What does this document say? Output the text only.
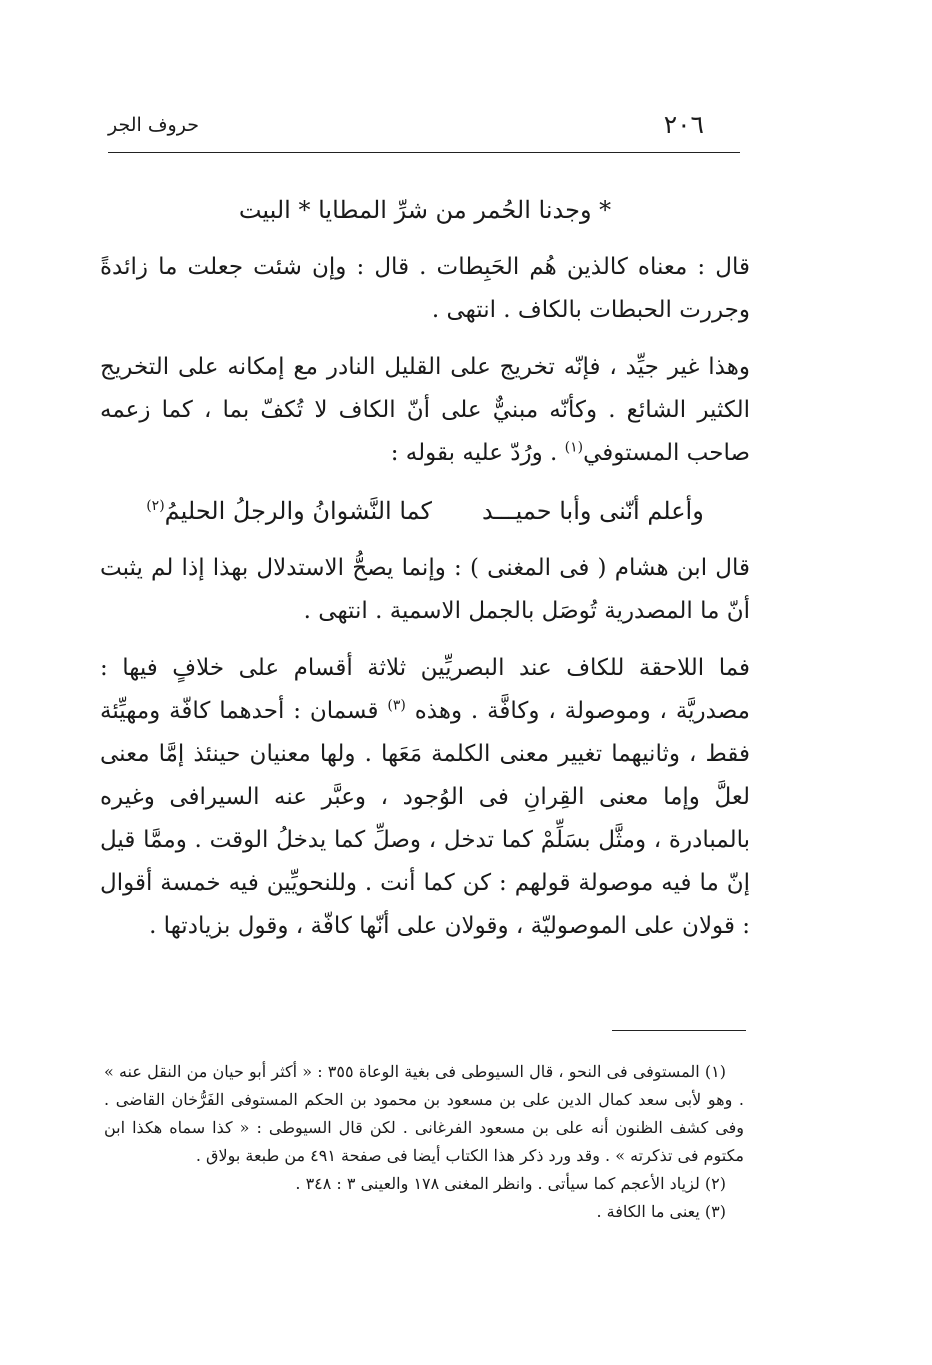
٢٠٦
حروف الجر
* وجدنا الحُمر من شرِّ المطايا * البيت

قال : معناه كالذين هُم الحَبِطات . قال : وإن شئت جعلت ما زائدةً وجررت الحبطات بالكاف . انتهى .

وهذا غير جيِّد ، فإنّه تخريج على القليل النادر مع إمكانه على التخريج الكثير الشائع . وكأنّه مبنيٌّ على أنّ الكاف لا تُكفّ بما ، كما زعمه صاحب المستوفي$^{(١)}$ . ورُدّ عليه بقوله :

وأعلم أنّنى وأبا حميـــد
كما النَّشوانُ والرجلُ الحليمُ$^{(٢)}$

قال ابن هشام ( فى المغنى ) : وإنما يصحُّ الاستدلال بهذا إذا لم يثبت أنّ ما المصدرية تُوصَل بالجمل الاسمية . انتهى .

فما اللاحقة للكاف عند البصريِّين ثلاثة أقسام على خلافٍ فيها : مصدريَّة ، وموصولة ، وكافَّة . وهذه $^{(٣)}$ قسمان : أحدهما كافّة ومهيِّئة فقط ، وثانيهما تغيير معنى الكلمة مَعَها . ولها معنيان حينئذ إمَّا معنى لعلَّ وإما معنى القِرانِ فى الوُجود ، وعبَّر عنه السيرافى وغيره بالمبادرة ، ومثَّل بسَلِّمْ كما تدخل ، وصلِّ كما يدخلُ الوقت . وممَّا قيل إنّ ما فيه موصولة قولهم : كن كما أنت . وللنحويِّين فيه خمسة أقوال : قولان على الموصوليّة ، وقولان على أنّها كافّة ، وقول بزيادتها .

(١) المستوفى فى النحو ، قال السيوطى فى بغية الوعاة ٣٥٥ : « أكثر أبو حيان من النقل عنه » . وهو لأبى سعد كمال الدين على بن مسعود بن محمود بن الحكم المستوفى الفَرُّخان القاضى . وفى كشف الظنون أنه على بن مسعود الفرغانى . لكن قال السيوطى : « كذا سماه هكذا ابن مكتوم فى تذكرته » . وقد ورد ذكر هذا الكتاب أيضا فى صفحة ٤٩١ من طبعة بولاق .

(٢) لزياد الأعجم كما سيأتى . وانظر المغنى ١٧٨ والعينى ٣ : ٣٤٨ .

(٣) يعنى ما الكافة .
